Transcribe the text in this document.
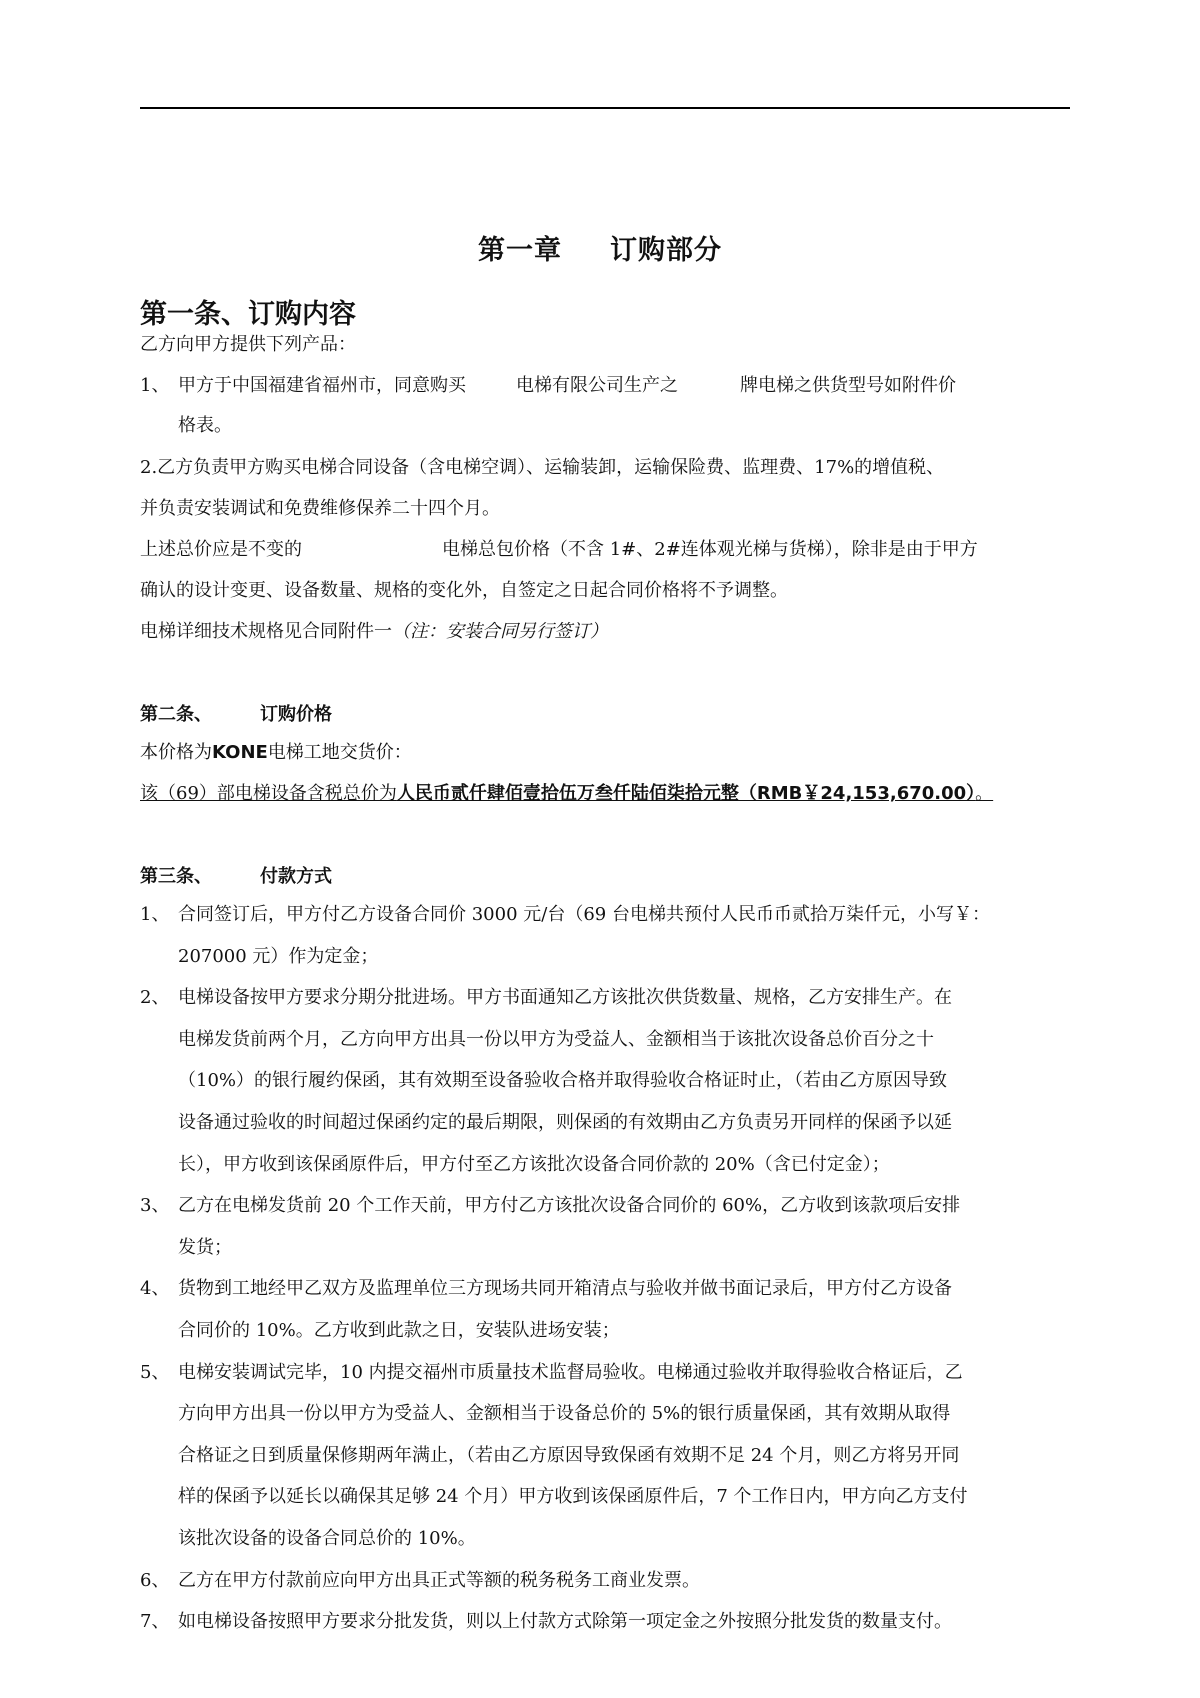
第一章 订购部分
第一条、订购内容
乙方向甲方提供下列产品：
1、 甲方于中国福建省福州市，同意购买	电梯有限公司生产之	牌电梯之供货型号如附件价
格表。
2.乙方负责甲方购买电梯合同设备（含电梯空调）、运输装卸，运输保险费、监理费、17%的增值税、
并负责安装调试和免费维修保养二十四个月。
上述总价应是不变的	电梯总包价格（不含 1#、2#连体观光梯与货梯），除非是由于甲方
确认的设计变更、设备数量、规格的变化外，自签定之日起合同价格将不予调整。
电梯详细技术规格见合同附件一（注：安装合同另行签订）
第二条、	订购价格
本价格为KONE电梯工地交货价：
该（69）部电梯设备含税总价为人民币贰仟肆佰壹拾伍万叁仟陆佰柒拾元整（RMB￥24,153,670.00）。
第三条、	付款方式
1、 合同签订后，甲方付乙方设备合同价 3000 元/台（69 台电梯共预付人民币币贰拾万柒仟元，小写￥：
207000 元）作为定金；
2、 电梯设备按甲方要求分期分批进场。甲方书面通知乙方该批次供货数量、规格，乙方安排生产。在
电梯发货前两个月，乙方向甲方出具一份以甲方为受益人、金额相当于该批次设备总价百分之十
（10%）的银行履约保函，其有效期至设备验收合格并取得验收合格证时止，（若由乙方原因导致
设备通过验收的时间超过保函约定的最后期限，则保函的有效期由乙方负责另开同样的保函予以延
长），甲方收到该保函原件后，甲方付至乙方该批次设备合同价款的 20%（含已付定金）；
3、 乙方在电梯发货前 20 个工作天前，甲方付乙方该批次设备合同价的 60%，乙方收到该款项后安排
发货；
4、 货物到工地经甲乙双方及监理单位三方现场共同开箱清点与验收并做书面记录后，甲方付乙方设备
合同价的 10%。乙方收到此款之日，安装队进场安装；
5、 电梯安装调试完毕，10 内提交福州市质量技术监督局验收。电梯通过验收并取得验收合格证后，乙
方向甲方出具一份以甲方为受益人、金额相当于设备总价的 5%的银行质量保函，其有效期从取得
合格证之日到质量保修期两年满止，（若由乙方原因导致保函有效期不足 24 个月，则乙方将另开同
样的保函予以延长以确保其足够 24 个月）甲方收到该保函原件后，7 个工作日内，甲方向乙方支付
该批次设备的设备合同总价的 10%。
6、 乙方在甲方付款前应向甲方出具正式等额的税务税务工商业发票。
7、 如电梯设备按照甲方要求分批发货，则以上付款方式除第一项定金之外按照分批发货的数量支付。
